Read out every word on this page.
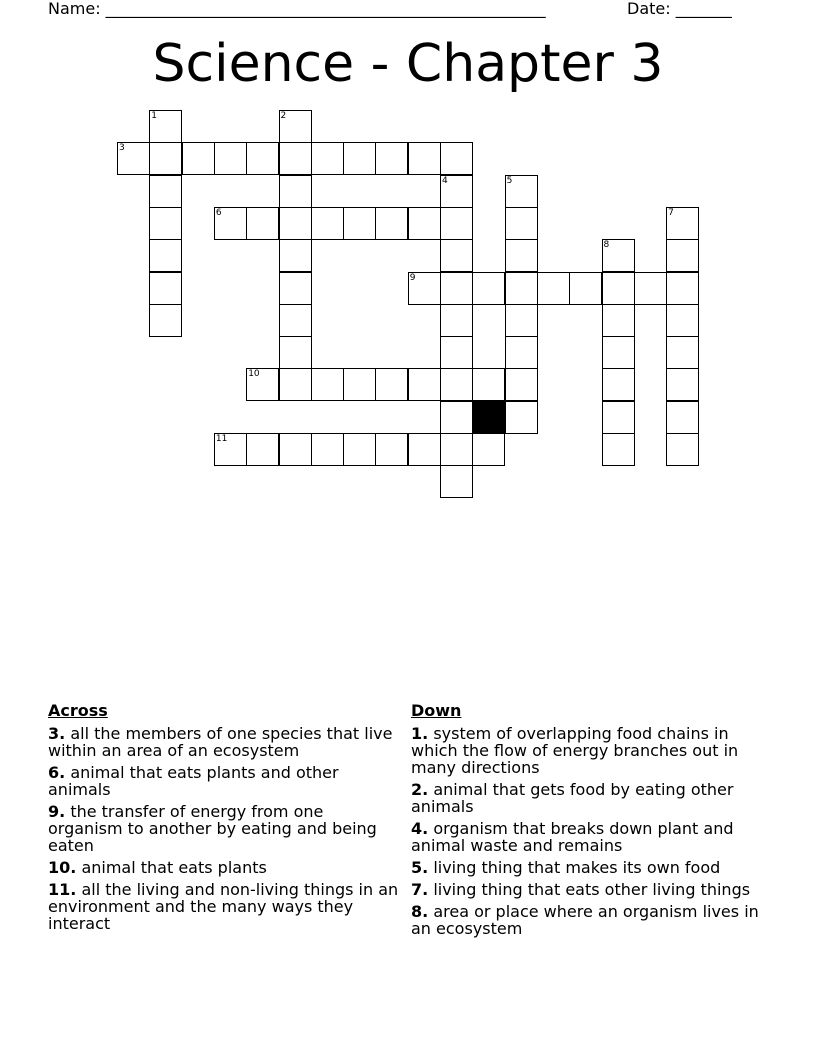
Name: _______________________________________________________	Date: _______
Science - Chapter 3
3
6
9
10
11
1	2
4	5
7
8
Across
3. all the members of one species that live within an area of an ecosystem
6. animal that eats plants and other animals
9. the transfer of energy from one organism to another by eating and being eaten
10. animal that eats plants
11. all the living and non-living things in an environment and the many ways they interact
Down
1. system of overlapping food chains in which the flow of energy branches out in many directions
2. animal that gets food by eating other animals
4. organism that breaks down plant and animal waste and remains
5. living thing that makes its own food
7. living thing that eats other living things
8. area or place where an organism lives in an ecosystem
